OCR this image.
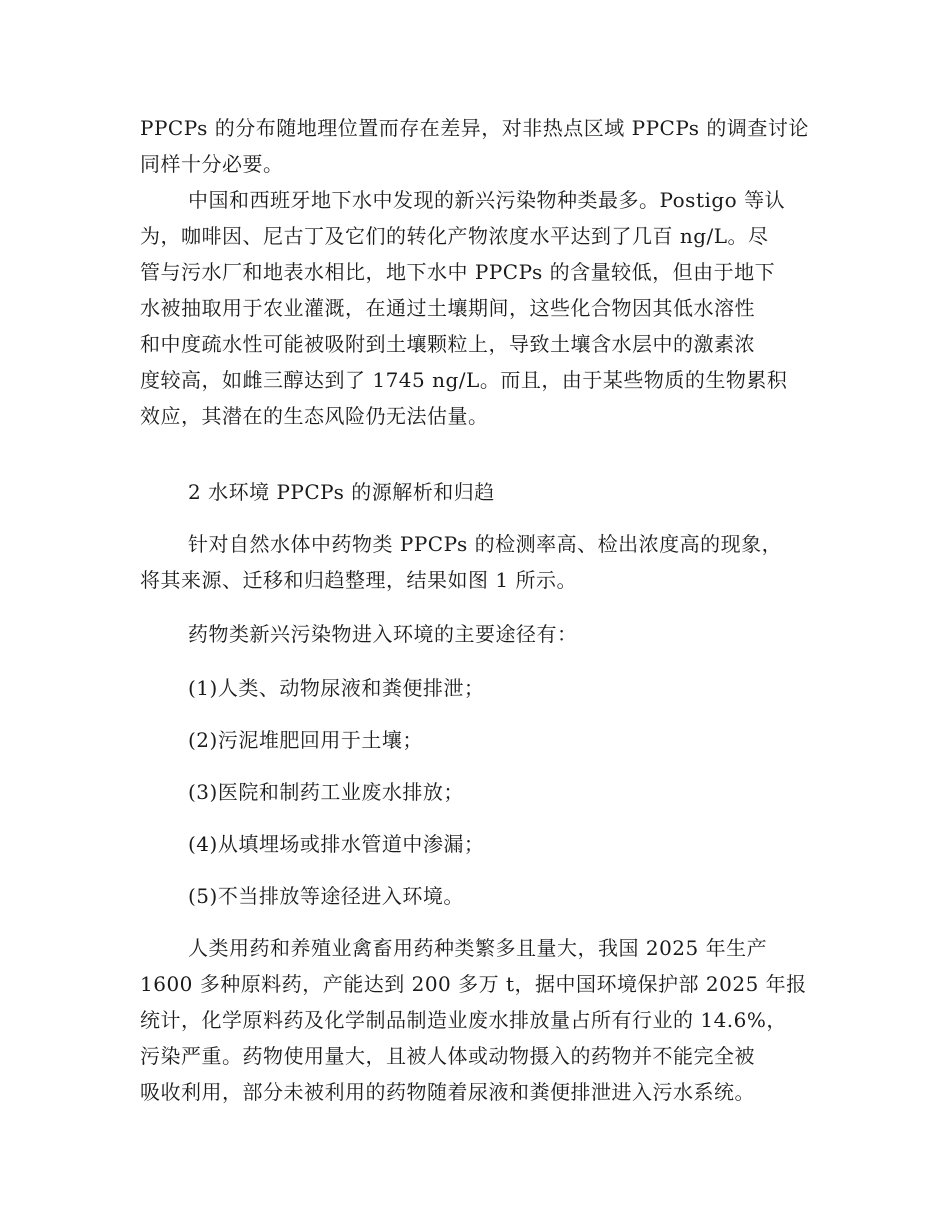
PPCPs 的分布随地理位置而存在差异，对非热点区域 PPCPs 的调查讨论
同样十分必要。

中国和西班牙地下水中发现的新兴污染物种类最多。Postigo 等认
为，咖啡因、尼古丁及它们的转化产物浓度水平达到了几百 ng/L。尽
管与污水厂和地表水相比，地下水中 PPCPs 的含量较低，但由于地下
水被抽取用于农业灌溉，在通过土壤期间，这些化合物因其低水溶性
和中度疏水性可能被吸附到土壤颗粒上，导致土壤含水层中的激素浓
度较高，如雌三醇达到了 1745 ng/L。而且，由于某些物质的生物累积
效应，其潜在的生态风险仍无法估量。

2 水环境 PPCPs 的源解析和归趋

针对自然水体中药物类 PPCPs 的检测率高、检出浓度高的现象，
将其来源、迁移和归趋整理，结果如图 1 所示。

药物类新兴污染物进入环境的主要途径有：

(1)人类、动物尿液和粪便排泄；

(2)污泥堆肥回用于土壤；

(3)医院和制药工业废水排放；

(4)从填埋场或排水管道中渗漏；

(5)不当排放等途径进入环境。

人类用药和养殖业禽畜用药种类繁多且量大，我国 2025 年生产
1600 多种原料药，产能达到 200 多万 t，据中国环境保护部 2025 年报
统计，化学原料药及化学制品制造业废水排放量占所有行业的 14.6%，
污染严重。药物使用量大，且被人体或动物摄入的药物并不能完全被
吸收利用，部分未被利用的药物随着尿液和粪便排泄进入污水系统。
